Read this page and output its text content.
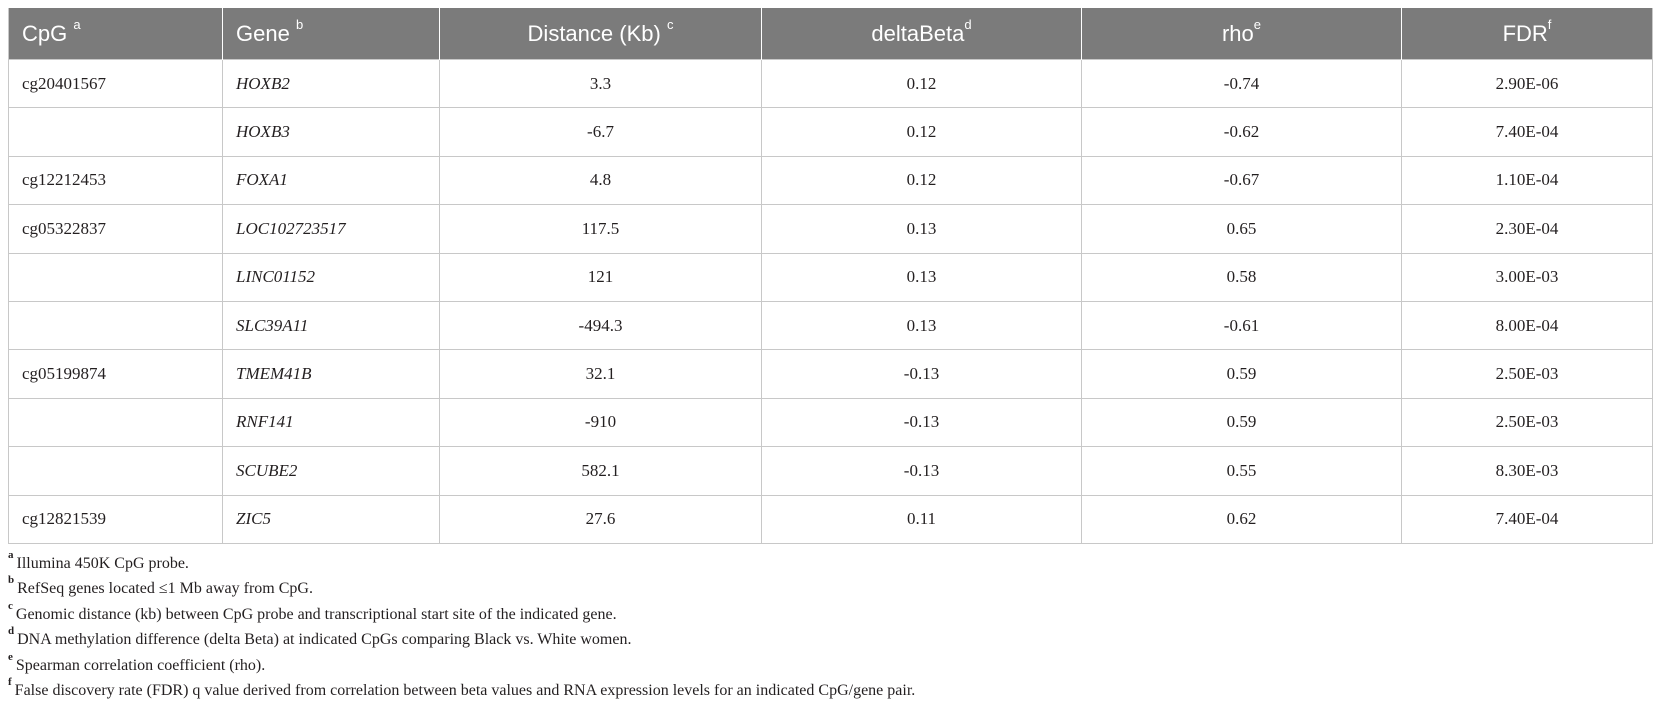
CpG $^a$	Gene $^b$	Distance (Kb) $^c$	deltaBeta$^d$	rho$^e$	FDR$^f$
cg20401567	HOXB2	3.3	0.12	-0.74	2.90E-06
	HOXB3	-6.7	0.12	-0.62	7.40E-04
cg12212453	FOXA1	4.8	0.12	-0.67	1.10E-04
cg05322837	LOC102723517	117.5	0.13	0.65	2.30E-04
	LINC01152	121	0.13	0.58	3.00E-03
	SLC39A11	-494.3	0.13	-0.61	8.00E-04
cg05199874	TMEM41B	32.1	-0.13	0.59	2.50E-03
	RNF141	-910	-0.13	0.59	2.50E-03
	SCUBE2	582.1	-0.13	0.55	8.30E-03
cg12821539	ZIC5	27.6	0.11	0.62	7.40E-04
$^a$Illumina 450K CpG probe.
$^b$RefSeq genes located ≤1 Mb away from CpG.
$^c$Genomic distance (kb) between CpG probe and transcriptional start site of the indicated gene.
$^d$DNA methylation difference (delta Beta) at indicated CpGs comparing Black vs. White women.
$^e$Spearman correlation coefficient (rho).
$^f$False discovery rate (FDR) q value derived from correlation between beta values and RNA expression levels for an indicated CpG/gene pair.
